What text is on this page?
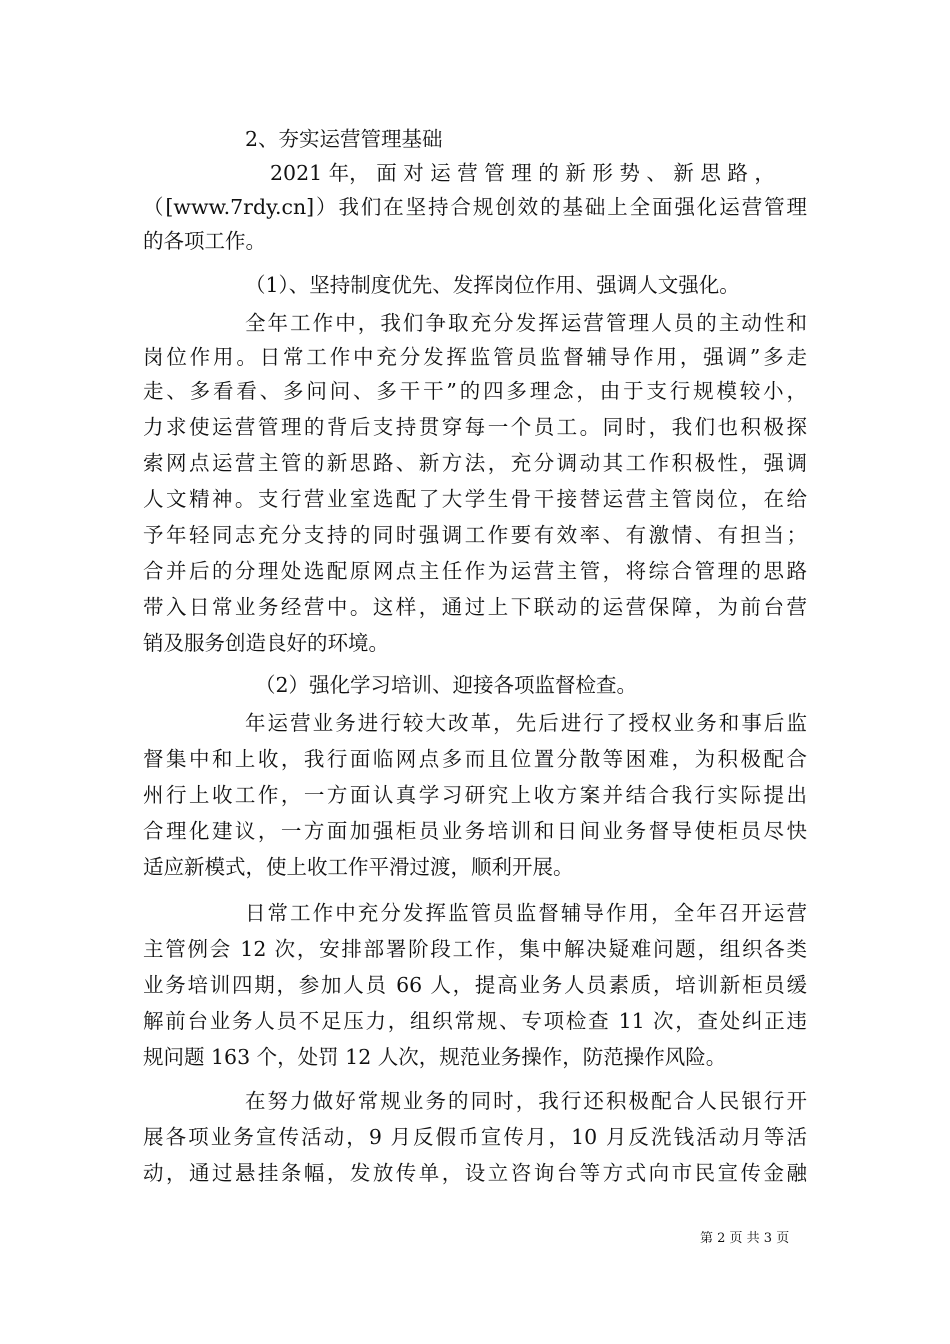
2、夯实运营管理基础
2021 年， 面 对 运 营 管 理 的 新 形 势 、 新 思 路 ，
（[www.7rdy.cn]）我们在坚持合规创效的基础上全面强化运营管理
的各项工作。
（1）、坚持制度优先、发挥岗位作用、强调人文强化。
全年工作中，我们争取充分发挥运营管理人员的主动性和
岗位作用。日常工作中充分发挥监管员监督辅导作用，强调”多走
走、多看看、多问问、多干干”的四多理念，由于支行规模较小，
力求使运营管理的背后支持贯穿每一个员工。同时，我们也积极探
索网点运营主管的新思路、新方法，充分调动其工作积极性，强调
人文精神。支行营业室选配了大学生骨干接替运营主管岗位，在给
予年轻同志充分支持的同时强调工作要有效率、有激情、有担当；
合并后的分理处选配原网点主任作为运营主管，将综合管理的思路
带入日常业务经营中。这样，通过上下联动的运营保障，为前台营
销及服务创造良好的环境。
（2）强化学习培训、迎接各项监督检查。
年运营业务进行较大改革，先后进行了授权业务和事后监
督集中和上收，我行面临网点多而且位置分散等困难，为积极配合
州行上收工作，一方面认真学习研究上收方案并结合我行实际提出
合理化建议，一方面加强柜员业务培训和日间业务督导使柜员尽快
适应新模式，使上收工作平滑过渡，顺利开展。
日常工作中充分发挥监管员监督辅导作用，全年召开运营
主管例会 12 次，安排部署阶段工作，集中解决疑难问题，组织各类
业务培训四期，参加人员 66 人，提高业务人员素质，培训新柜员缓
解前台业务人员不足压力，组织常规、专项检查 11 次，查处纠正违
规问题 163 个，处罚 12 人次，规范业务操作，防范操作风险。
在努力做好常规业务的同时，我行还积极配合人民银行开
展各项业务宣传活动，9 月反假币宣传月，10 月反洗钱活动月等活
动，通过悬挂条幅，发放传单，设立咨询台等方式向市民宣传金融
第 2 页 共 3 页
